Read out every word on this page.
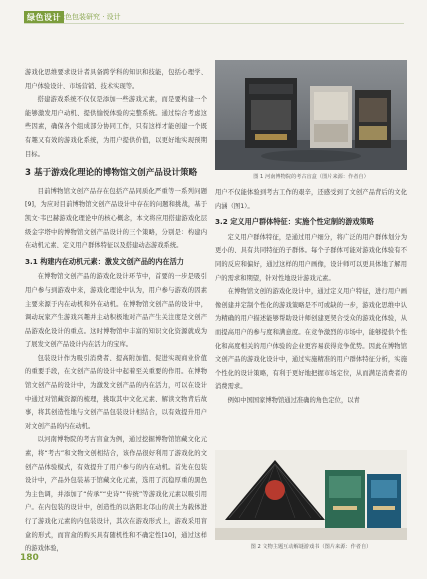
绿色设计
绿色包装研究 · 设计

游戏化思维要求设计者具备跨学科的知识和技能，包括心理学、用户体验设计、市场营销、技术实现等。

搭建游戏系统不仅仅是添加一些游戏元素，而是要构建一个能够激发用户动机、提供愉悦体验的完整系统。通过综合考虑这些因素，确保各个组成部分协同工作，只有这样才能创建一个既有趣又有效的游戏化系统，为用户提供价值，以更好地实现预期目标。

3 基于游戏化理论的博物馆文创产品设计策略

目前博物馆文创产品存在包括产品同质化严重等一系列问题[9]，为应对目前博物馆文创产品设计中存在的问题和挑战，基于凯文·韦巴赫游戏化理论中的核心概念，本文将应用搭建游戏化层级金字塔中的博物馆文创产品设计的三个策略，分别是：构建内在动机元素、定义用户群体特征以及搭建动态游戏系统。

3.1 构建内在动机元素：激发文创产品的内在活力

在博物馆文创产品的游戏化设计环节中，首要的一步是吸引用户参与到游戏中来，游戏化理论中认为，用户参与游戏的因素主要来源于内在动机和外在动机。在博物馆文创产品的设计中，调动玩家产生游戏兴趣并主动积极地对产品产生关注度是文创产品游戏化设计的重点。这时博物馆中丰富的知识文化资源就成为了展发文创产品设计内在活力的宝库。

包装设计作为吸引消费者、提高附加值、促进实现商业价值的重要手段，在文创产品的设计中起着至关重要的作用。在博物馆文创产品的设计中，为激发文创产品的内在活力，可以在设计中通过对馆藏资源的梳理，挑取其中文化元素、解读文物背后故事，将其创造性地与文创产品包装设计相结合，以有效提升用户对文创产品的内在动机。

以河南博物院的考古盲盒为例，通过挖掘博物馆馆藏文化元素，将“考古”和文物文创相结合，该作品很好利用了游戏化的文创产品体验模式，有效提升了用户参与的内在动机。首先在包装设计中，产品外包装基于馆藏文化元素，选用了沉稳厚重的黑色为主色调，并添加了“传承”“史诗”“传统”等游戏化元素以吸引用户。在内包装的设计中，创造性的以洛阳北邙山的黄土为载体进行了游戏化元素的内包装设计，其次在游戏形式上，游戏采用盲盒的形式，而盲盒的购买具有随机性和不确定性[10]，通过这样的游戏体验，

图 1 河南博物院的考古盲盒（图片来源：作者自）

用户不仅能体验到考古工作的艰辛，还感受到了文创产品背后的文化内涵（图1）。

3.2 定义用户群体特征：实施个性定制的游戏策略

定义用户群体特征，是通过用户细分，将广泛的用户群体划分为更小的、具有共同特征的子群体。每个子群体可能对游戏化体验有不同的反应和偏好，通过这样的用户画像，设计师可以更具体地了解用户的需求和期望，针对性地设计游戏元素。

在博物馆文创的游戏化设计中，通过定义用户特征，进行用户画像创建并定制个性化的游戏策略是不可或缺的一步，游戏化思维中认为精确的用户描述能够帮助设计师创建更契合受众的游戏化体验，从而提高用户的参与度和满意度。在竞争激烈的市场中，能够提供个性化和高度相关的用户体验的企业更容易获得竞争优势。因此在博物馆文创产品的游戏化设计中，通过实施精准的用户群体特征分析，实施个性化的设计策略，有利于更好地把握市场定位，从而满足消费者的消费需求。

例如中国国家博物馆通过准确的角色定位，以青

图 2 文物主题互动解谜游戏书（图片来源：作者自）
180
